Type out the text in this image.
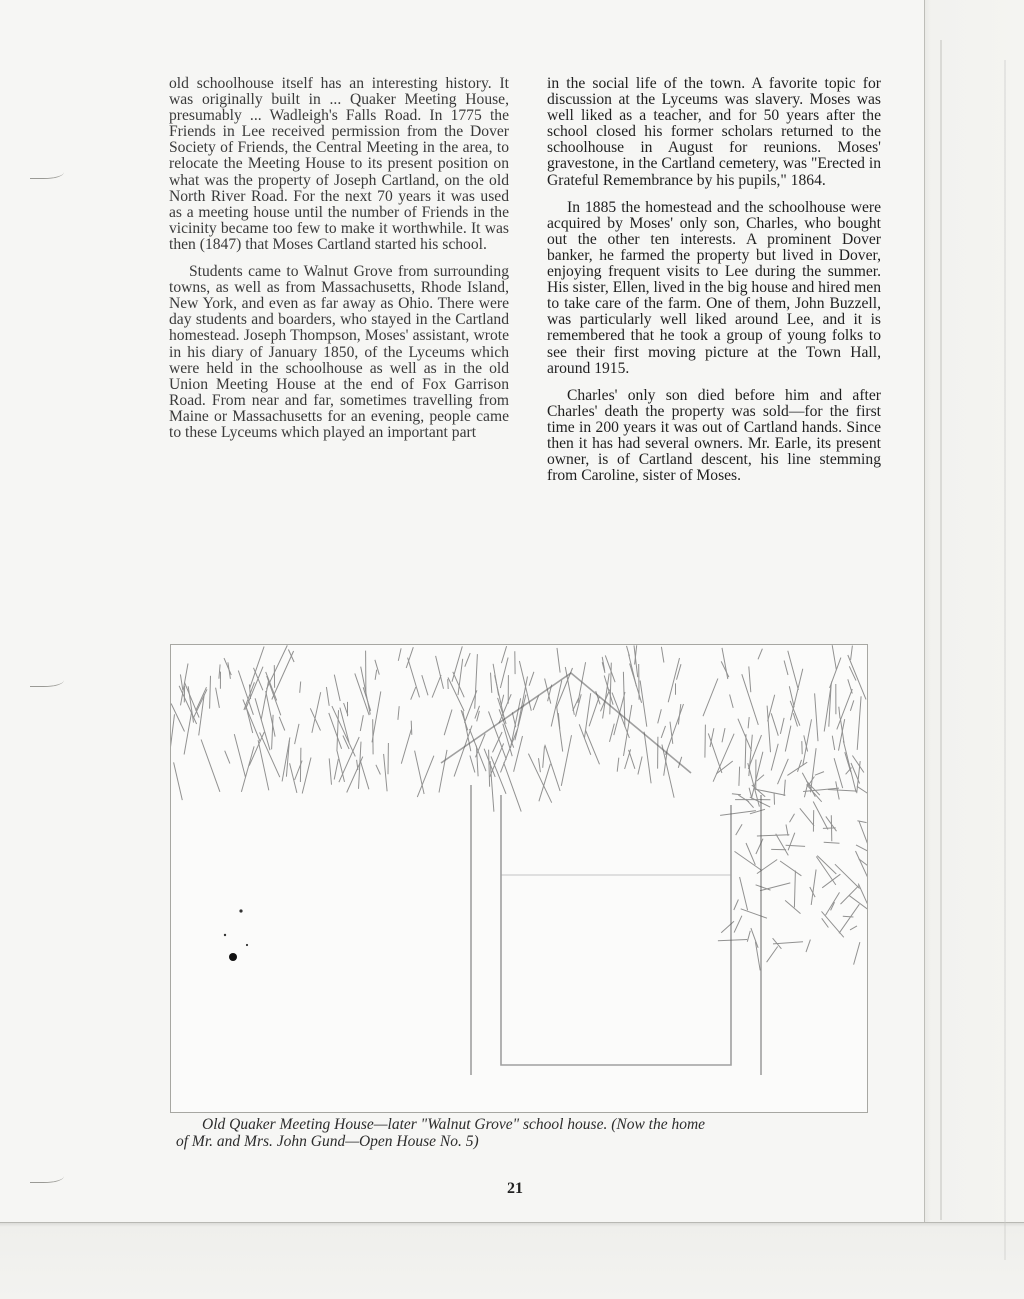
old schoolhouse itself has an interesting history. It was originally built in ... Quaker Meeting House, presumably ... Wadleigh's Falls Road. In 1775 the Friends in Lee received permission from the Dover Society of Friends, the Central Meeting in the area, to relocate the Meeting House to its present position on what was the property of Joseph Cartland, on the old North River Road. For the next 70 years it was used as a meeting house until the number of Friends in the vicinity became too few to make it worthwhile. It was then (1847) that Moses Cartland started his school.

Students came to Walnut Grove from surrounding towns, as well as from Massachusetts, Rhode Island, New York, and even as far away as Ohio. There were day students and boarders, who stayed in the Cartland homestead. Joseph Thompson, Moses' assistant, wrote in his diary of January 1850, of the Lyceums which were held in the schoolhouse as well as in the old Union Meeting House at the end of Fox Garrison Road. From near and far, sometimes travelling from Maine or Massachusetts for an evening, people came to these Lyceums which played an important part

in the social life of the town. A favorite topic for discussion at the Lyceums was slavery. Moses was well liked as a teacher, and for 50 years after the school closed his former scholars returned to the schoolhouse in August for reunions. Moses' gravestone, in the Cartland cemetery, was "Erected in Grateful Remembrance by his pupils," 1864.

In 1885 the homestead and the schoolhouse were acquired by Moses' only son, Charles, who bought out the other ten interests. A prominent Dover banker, he farmed the property but lived in Dover, enjoying frequent visits to Lee during the summer. His sister, Ellen, lived in the big house and hired men to take care of the farm. One of them, John Buzzell, was particularly well liked around Lee, and it is remembered that he took a group of young folks to see their first moving picture at the Town Hall, around 1915.

Charles' only son died before him and after Charles' death the property was sold—for the first time in 200 years it was out of Cartland hands. Since then it has had several owners. Mr. Earle, its present owner, is of Cartland descent, his line stemming from Caroline, sister of Moses.

Old Quaker Meeting House—later "Walnut Grove" school house. (Now the home
of Mr. and Mrs. John Gund—Open House No. 5)
21
